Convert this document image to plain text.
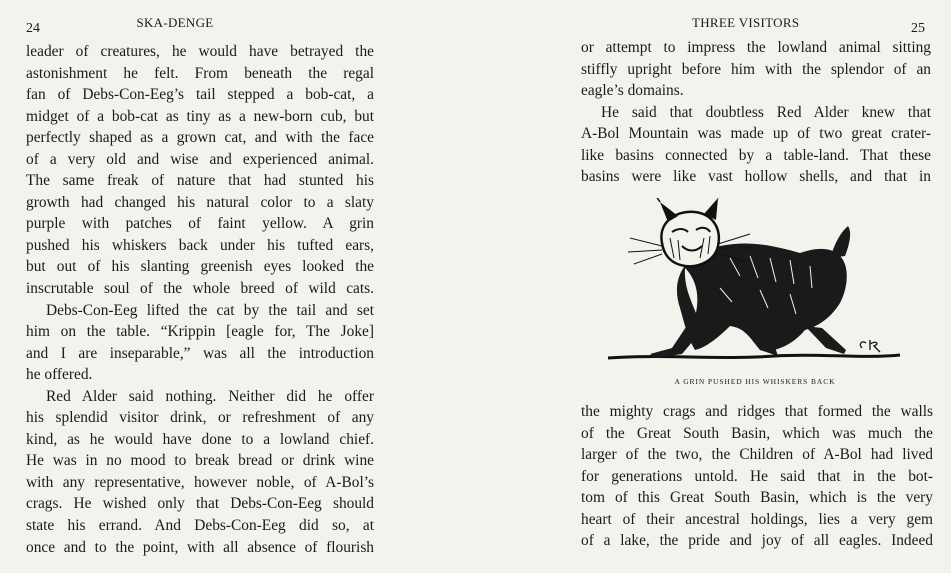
24	SKA-DENGE
leader of creatures, he would have betrayed the
astonishment he felt. From beneath the regal
fan of Debs-Con-Eeg’s tail stepped a bob-cat, a
midget of a bob-cat as tiny as a new-born cub, but
perfectly shaped as a grown cat, and with the face
of a very old and wise and experienced animal.
The same freak of nature that had stunted his
growth had changed his natural color to a slaty
purple with patches of faint yellow. A grin
pushed his whiskers back under his tufted ears,
but out of his slanting greenish eyes looked the
inscrutable soul of the whole breed of wild cats.
Debs-Con-Eeg lifted the cat by the tail and set
him on the table. “Krippin [eagle for, The Joke]
and I are inseparable,” was all the introduction
he offered.
Red Alder said nothing. Neither did he offer
his splendid visitor drink, or refreshment of any
kind, as he would have done to a lowland chief.
He was in no mood to break bread or drink wine
with any representative, however noble, of A-Bol’s
crags. He wished only that Debs-Con-Eeg should
state his errand. And Debs-Con-Eeg did so, at
once and to the point, with all absence of flourish
THREE VISITORS	25
or attempt to impress the lowland animal sitting
stiffly upright before him with the splendor of an
eagle’s domains.
He said that doubtless Red Alder knew that
A-Bol Mountain was made up of two great crater-
like basins connected by a table-land. That these
basins were like vast hollow shells, and that in
A GRIN PUSHED HIS WHISKERS BACK
the mighty crags and ridges that formed the walls
of the Great South Basin, which was much the
larger of the two, the Children of A-Bol had lived
for generations untold. He said that in the bot-
tom of this Great South Basin, which is the very
heart of their ancestral holdings, lies a very gem
of a lake, the pride and joy of all eagles. Indeed
